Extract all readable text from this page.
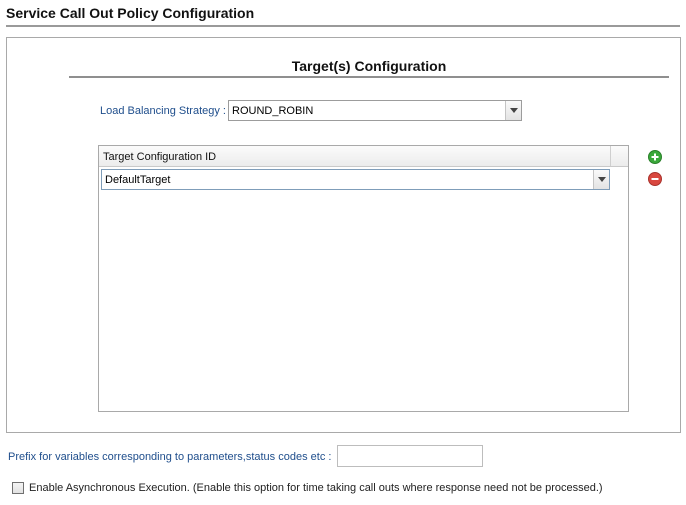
Service Call Out Policy Configuration
Target(s) Configuration
Load Balancing Strategy : ROUND_ROBIN
Target Configuration ID
DefaultTarget
Prefix for variables corresponding to parameters,status codes etc :
Enable Asynchronous Execution. (Enable this option for time taking call outs where response need not be processed.)
